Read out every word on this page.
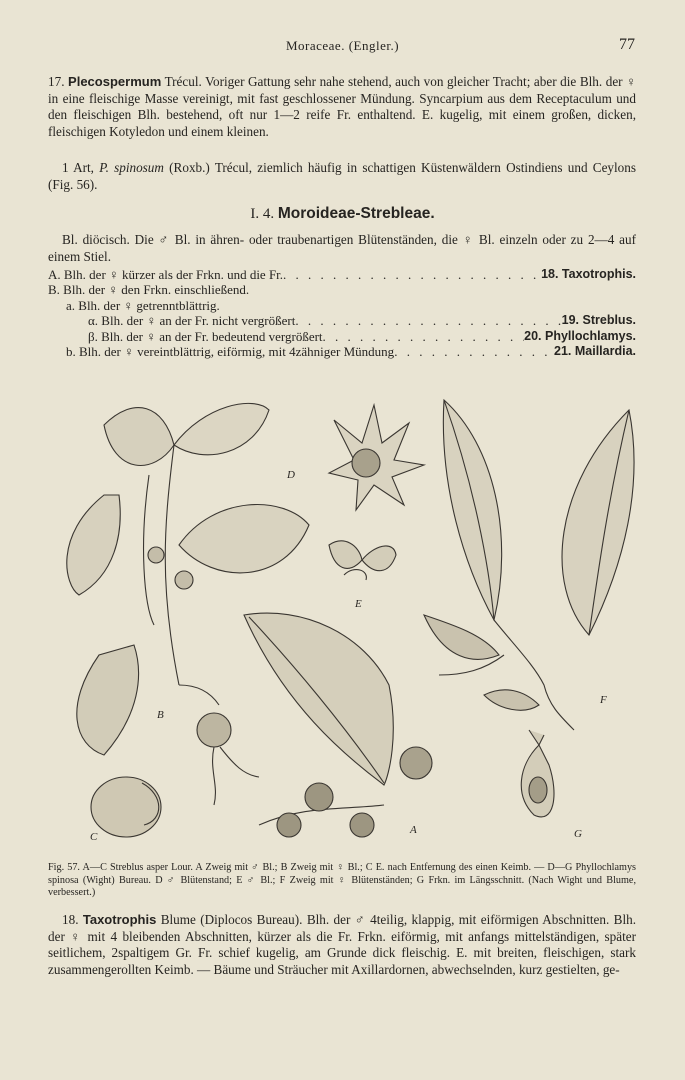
Moraceae. (Engler.)	77
17. Plecospermum Trécul. Voriger Gattung sehr nahe stehend, auch von gleicher Tracht; aber die Blh. der ♀ in eine fleischige Masse vereinigt, mit fast geschlossener Mündung. Syncarpium aus dem Receptaculum und den fleischigen Blh. bestehend, oft nur 1—2 reife Fr. enthaltend. E. kugelig, mit einem großen, dicken, fleischigen Kotyledon und einem kleinen.
1 Art, P. spinosum (Roxb.) Trécul, ziemlich häufig in schattigen Küstenwäldern Ostindiens und Ceylons (Fig. 56).
I. 4. Moroideae-Strebleae.
Bl. diöcisch. Die ♂ Bl. in ähren- oder traubenartigen Blütenständen, die ♀ Bl. einzeln oder zu 2—4 auf einem Stiel.
A. Blh. der ♀ kürzer als der Frkn. und die Fr. . . .	18. Taxotrophis.
B. Blh. der ♀ den Frkn. einschließend.
a. Blh. der ♀ getrenntblättrig.
α. Blh. der ♀ an der Fr. nicht vergrößert . . .	19. Streblus.
β. Blh. der ♀ an der Fr. bedeutend vergrößert . . .	20. Phyllochlamys.
b. Blh. der ♀ vereintblättrig, eiförmig, mit 4zähniger Mündung . . .	21. Maillardia.
B
C
D
E
A
F
G
Fig. 57. A—C Streblus asper Lour. A Zweig mit ♂ Bl.; B Zweig mit ♀ Bl.; C E. nach Entfernung des einen Keimb. — D—G Phyllochlamys spinosa (Wight) Bureau. D ♂ Blütenstand; E ♂ Bl.; F Zweig mit ♀ Blütenständen; G Frkn. im Längsschnitt. (Nach Wight und Blume, verbessert.)
18. Taxotrophis Blume (Diplocos Bureau). Blh. der ♂ 4teilig, klappig, mit eiförmigen Abschnitten. Blh. der ♀ mit 4 bleibenden Abschnitten, kürzer als die Fr. Frkn. eiförmig, mit anfangs mittelständigen, später seitlichem, 2spaltigem Gr. Fr. schief kugelig, am Grunde dick fleischig. E. mit breiten, fleischigen, stark zusammengerollten Keimb. — Bäume und Sträucher mit Axillardornen, abwechselnden, kurz gestielten, ge-
